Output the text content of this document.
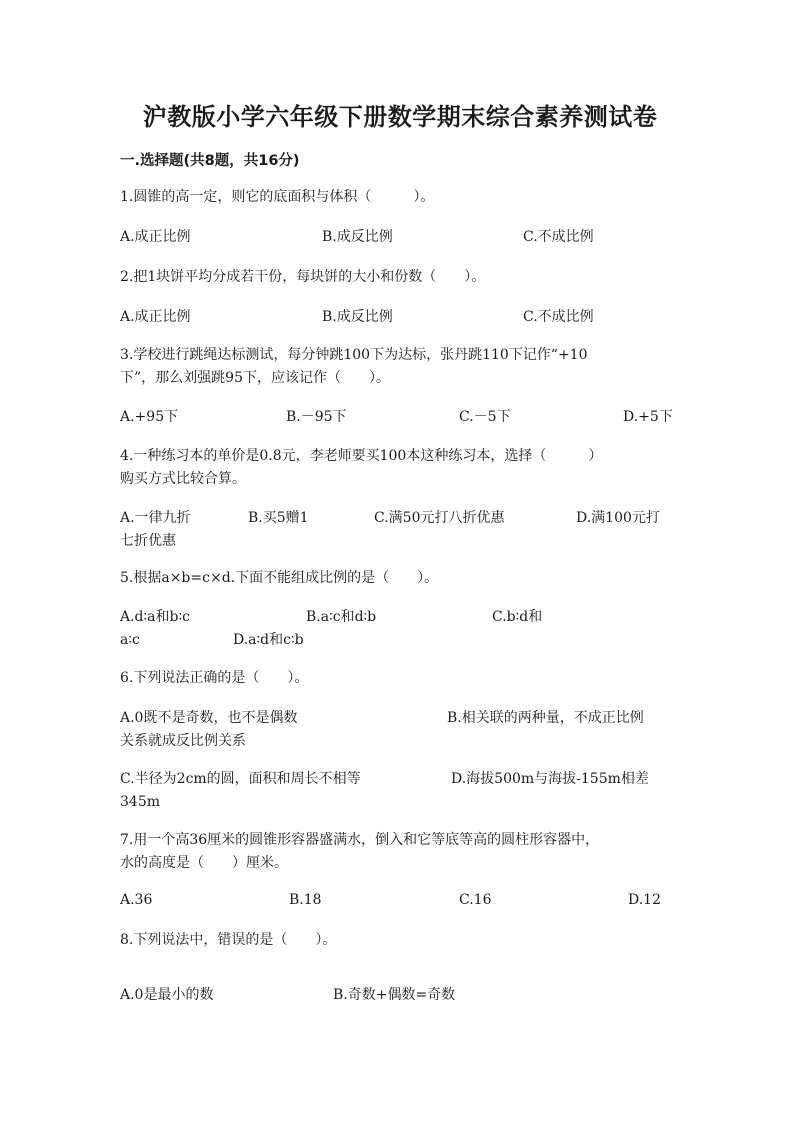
沪教版小学六年级下册数学期末综合素养测试卷
一.选择题(共8题，共16分)
1.圆锥的高一定，则它的底面积与体积（　　　）。
A.成正比例	B.成反比例	C.不成比例
2.把1块饼平均分成若干份，每块饼的大小和份数（　　）。
A.成正比例	B.成反比例	C.不成比例
3.学校进行跳绳达标测试，每分钟跳100下为达标，张丹跳110下记作“+10
下”，那么刘强跳95下，应该记作（　　）。
A.+95下	B.－95下	C.－5下	D.+5下
4.一种练习本的单价是0.8元，李老师要买100本这种练习本，选择（　　　）
购买方式比较合算。
A.一律九折	B.买5赠1	C.满50元打八折优惠	D.满100元打
七折优惠
5.根据a×b=c×d.下面不能组成比例的是（　　）。
A.d∶a和b∶c	B.a∶c和d∶b	C.b∶d和
a∶c	D.a∶d和c∶b
6.下列说法正确的是（　　）。
A.0既不是奇数，也不是偶数	B.相关联的两种量，不成正比例
关系就成反比例关系
C.半径为2cm的圆，面积和周长不相等	D.海拔500m与海拔-155m相差
345m
7.用一个高36厘米的圆锥形容器盛满水，倒入和它等底等高的圆柱形容器中，
水的高度是（　　）厘米。
A.36	B.18	C.16	D.12
8.下列说法中，错误的是（　　）。
A.0是最小的数	B.奇数+偶数=奇数
